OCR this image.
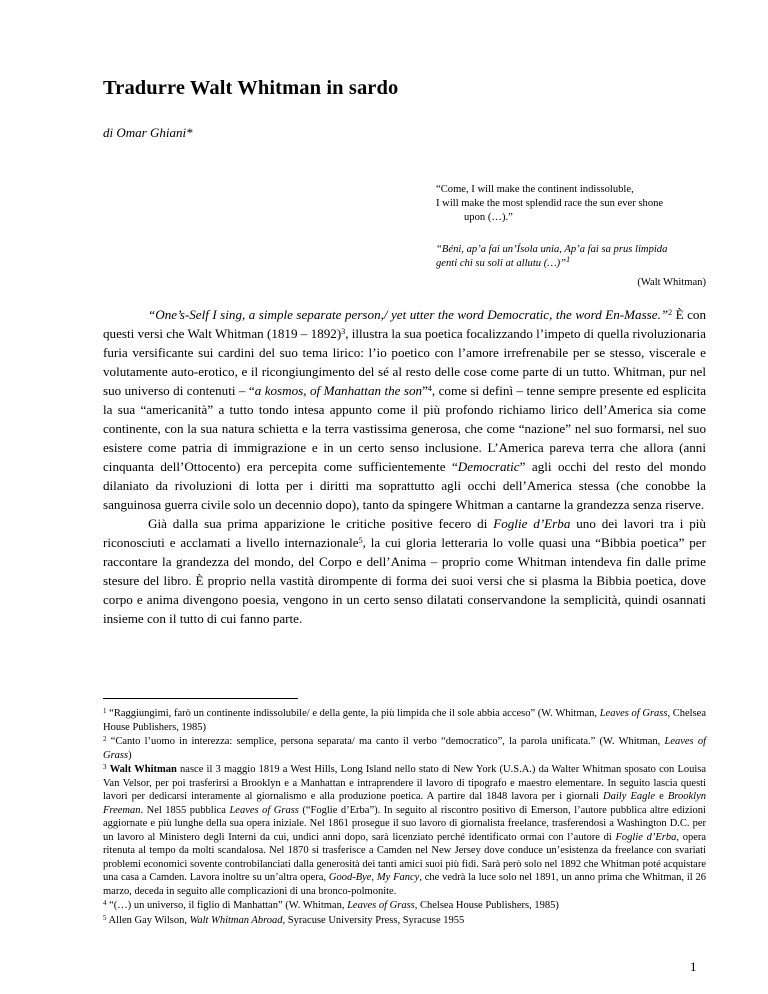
Tradurre Walt Whitman in sardo

di Omar Ghiani*

“Come, I will make the continent indissoluble,
I will make the most splendid race the sun ever shone

upon (…).”

“Béni, ap’a fai un’Ísola unia, Ap’a fai sa prus limpida
genti chi su soli at allutu (…)”$^1$

(Walt Whitman)

“One’s-Self I sing, a simple separate person,/ yet utter the word Democratic, the word En-Masse.”$^2$ È con questi versi che Walt Whitman (1819 – 1892)$^3$, illustra la sua poetica focalizzando l’impeto di quella rivoluzionaria furia versificante sui cardini del suo tema lirico: l’io poetico con l’amore irrefrenabile per se stesso, viscerale e volutamente auto-erotico, e il ricongiungimento del sé al resto delle cose come parte di un tutto. Whitman, pur nel suo universo di contenuti – “a kosmos, of Manhattan the son”$^4$, come si definì – tenne sempre presente ed esplicita la sua “americanità” a tutto tondo intesa appunto come il più profondo richiamo lirico dell’America sia come continente, con la sua natura schietta e la terra vastissima generosa, che come “nazione” nel suo formarsi, nel suo esistere come patria di immigrazione e in un certo senso inclusione. L’America pareva terra che allora (anni cinquanta dell’Ottocento) era percepita come sufficientemente “Democratic” agli occhi del resto del mondo dilaniato da rivoluzioni di lotta per i diritti ma soprattutto agli occhi dell’America stessa (che conobbe la sanguinosa guerra civile solo un decennio dopo), tanto da spingere Whitman a cantarne la grandezza senza riserve.

Già dalla sua prima apparizione le critiche positive fecero di Foglie d’Erba uno dei lavori tra i più riconosciuti e acclamati a livello internazionale$^5$, la cui gloria letteraria lo volle quasi una “Bibbia poetica” per raccontare la grandezza del mondo, del Corpo e dell’Anima – proprio come Whitman intendeva fin dalle prime stesure del libro. È proprio nella vastità dirompente di forma dei suoi versi che si plasma la Bibbia poetica, dove corpo e anima divengono poesia, vengono in un certo senso dilatati conservandone la semplicità, quindi osannati insieme con il tutto di cui fanno parte.

$^1$ “Raggiungimi, farò un continente indissolubile/ e della gente, la più limpida che il sole abbia acceso” (W. Whitman, Leaves of Grass, Chelsea House Publishers, 1985)

$^2$ “Canto l’uomo in interezza: semplice, persona separata/ ma canto il verbo “democratico”, la parola unificata.” (W. Whitman, Leaves of Grass)

$^3$ Walt Whitman nasce il 3 maggio 1819 a West Hills, Long Island nello stato di New York (U.S.A.) da Walter Whitman sposato con Louisa Van Velsor, per poi trasferirsi a Brooklyn e a Manhattan e intraprendere il lavoro di tipografo e maestro elementare. In seguito lascia questi lavori per dedicarsi interamente al giornalismo e alla produzione poetica. A partire dal 1848 lavora per i giornali Daily Eagle e Brooklyn Freeman. Nel 1855 pubblica Leaves of Grass (“Foglie d’Erba”). In seguito al riscontro positivo di Emerson, l’autore pubblica altre edizioni aggiornate e più lunghe della sua opera iniziale. Nel 1861 prosegue il suo lavoro di giornalista freelance, trasferendosi a Washington D.C. per un lavoro al Ministero degli Interni da cui, undici anni dopo, sarà licenziato perché identificato ormai con l’autore di Foglie d’Erba, opera ritenuta al tempo da molti scandalosa. Nel 1870 si trasferisce a Camden nel New Jersey dove conduce un’esistenza da freelance con svariati problemi economici sovente controbilanciati dalla generosità dei tanti amici suoi più fidi. Sarà però solo nel 1892 che Whitman poté acquistare una casa a Camden. Lavora inoltre su un’altra opera, Good-Bye, My Fancy, che vedrà la luce solo nel 1891, un anno prima che Whitman, il 26 marzo, deceda in seguito alle complicazioni di una bronco-polmonite.

$^4$ “(…) un universo, il figlio di Manhattan” (W. Whitman, Leaves of Grass, Chelsea House Publishers, 1985)

$^5$ Allen Gay Wilson, Walt Whitman Abroad, Syracuse University Press, Syracuse 1955

1
